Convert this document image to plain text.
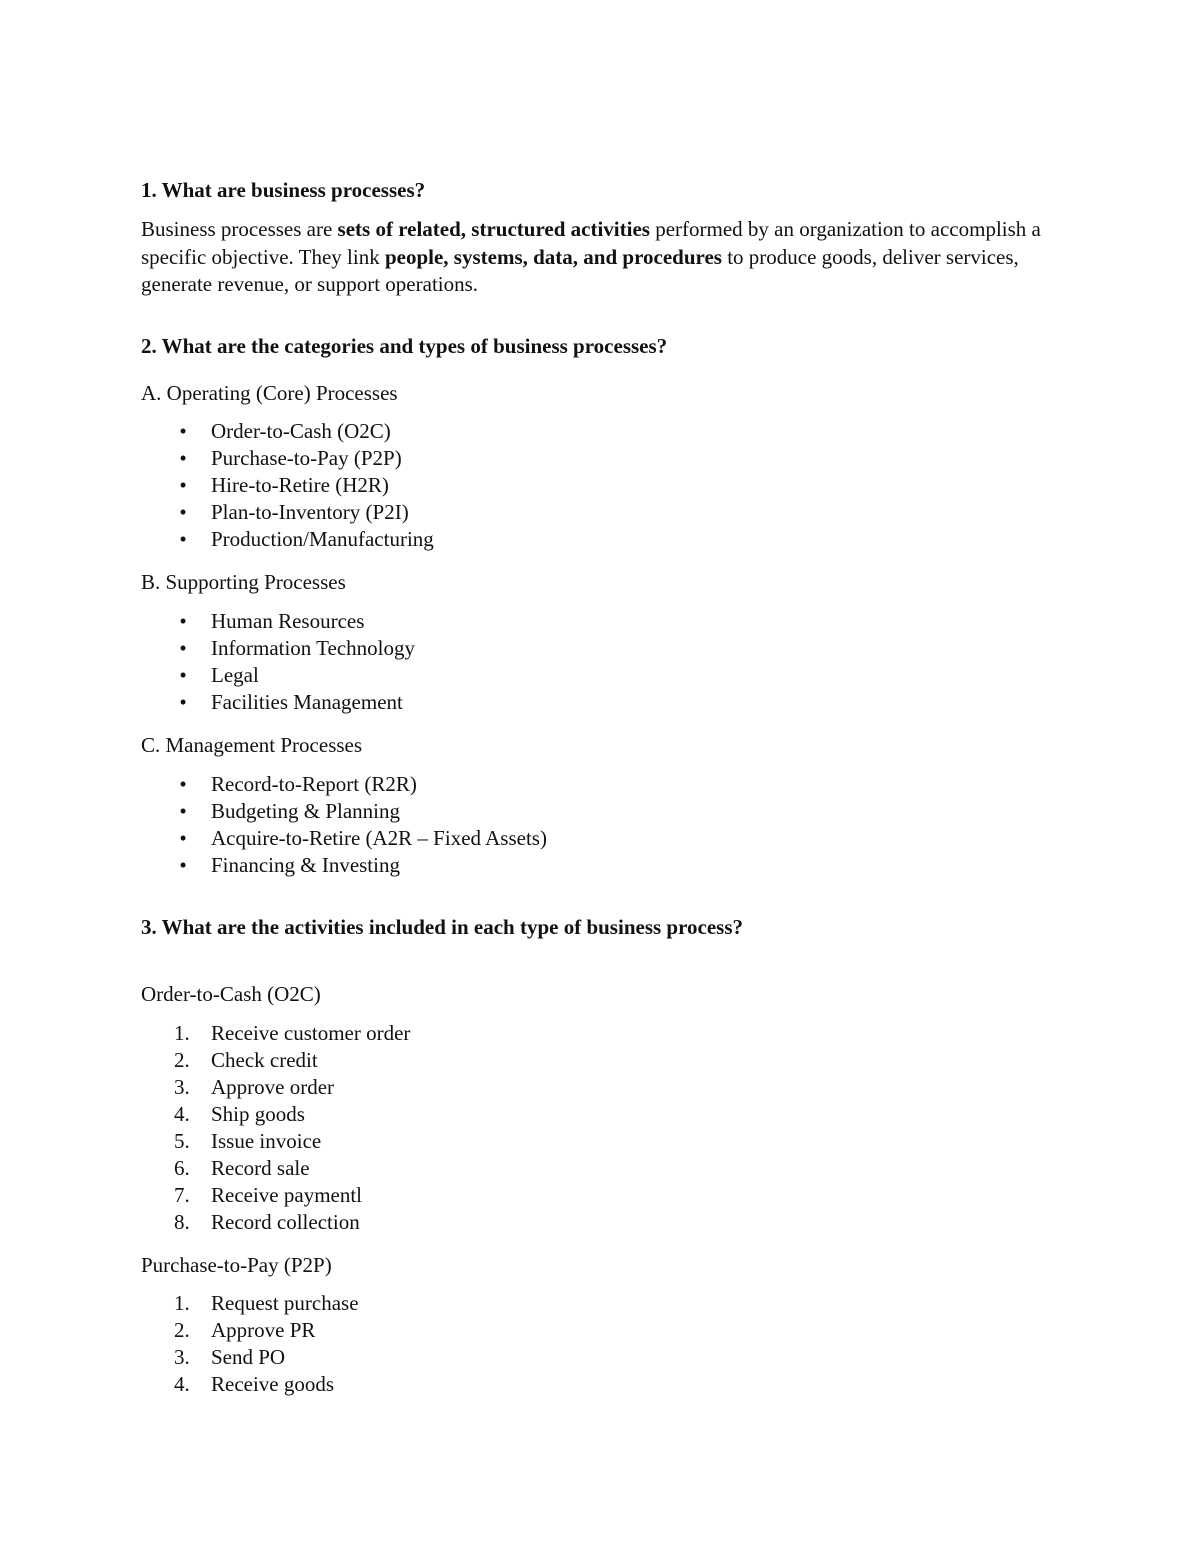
1. What are business processes?

Business processes are sets of related, structured activities performed by an organization to accomplish a specific objective. They link people, systems, data, and procedures to produce goods, deliver services, generate revenue, or support operations.

2. What are the categories and types of business processes?

A. Operating (Core) Processes

• Order-to-Cash (O2C)
• Purchase-to-Pay (P2P)
• Hire-to-Retire (H2R)
• Plan-to-Inventory (P2I)
• Production/Manufacturing

B. Supporting Processes

• Human Resources
• Information Technology
• Legal
• Facilities Management

C. Management Processes

• Record-to-Report (R2R)
• Budgeting & Planning
• Acquire-to-Retire (A2R – Fixed Assets)
• Financing & Investing
3. What are the activities included in each type of business process?

Order-to-Cash (O2C)

1. Receive customer order
2. Check credit
3. Approve order
4. Ship goods
5. Issue invoice
6. Record sale
7. Receive paymentl
8. Record collection

Purchase-to-Pay (P2P)

1. Request purchase
2. Approve PR
3. Send PO
4. Receive goods
